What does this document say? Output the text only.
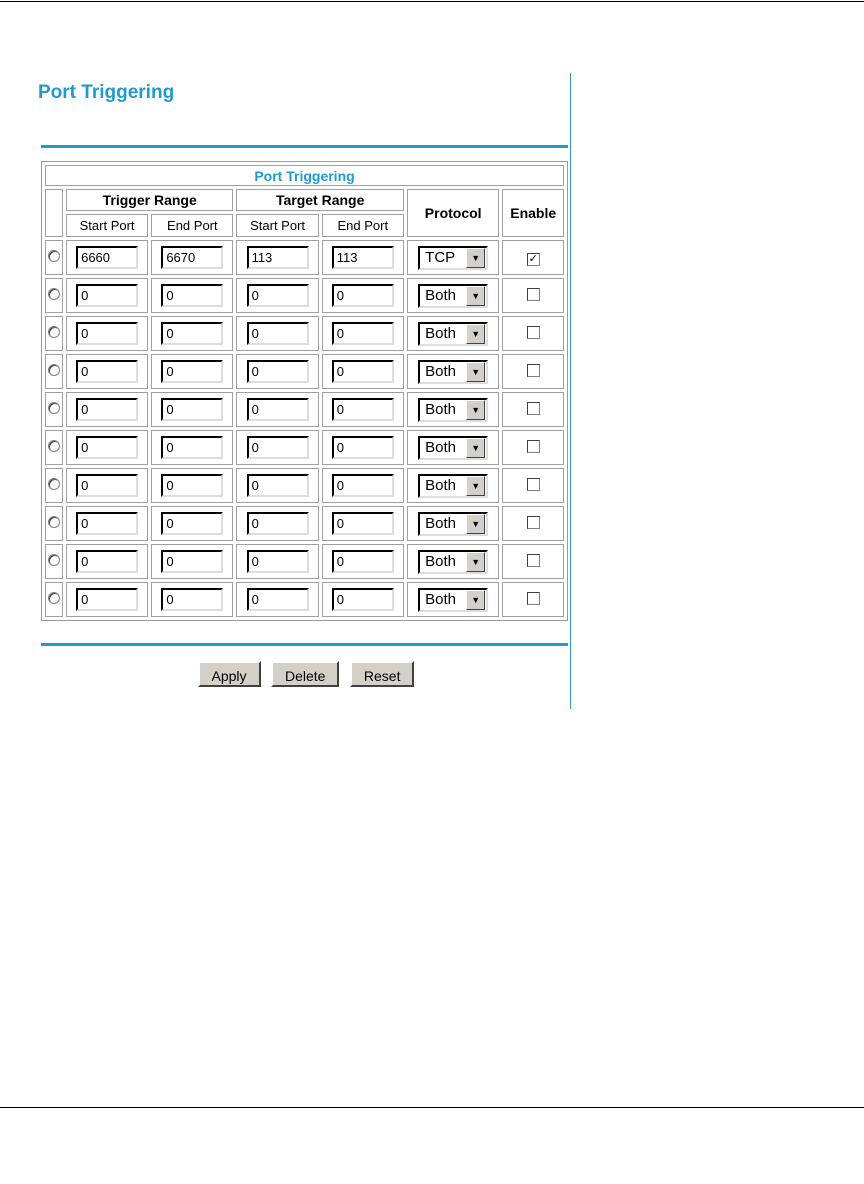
Port Triggering
Port Triggering						
	Trigger Range		Target Range		Protocol	Enable
	Start Port	End Port	Start Port	End Port		

6660	
6670	
113	
113	
TCP ▼	✓

0	
0	
0	
0	
Both ▼	

0	
0	
0	
0	
Both ▼	

0	
0	
0	
0	
Both ▼	

0	
0	
0	
0	
Both ▼	

0	
0	
0	
0	
Both ▼	

0	
0	
0	
0	
Both ▼	

0	
0	
0	
0	
Both ▼	

0	
0	
0	
0	
Both ▼	

0	
0	
0	
0	
Both ▼	

Apply	Delete	Reset
